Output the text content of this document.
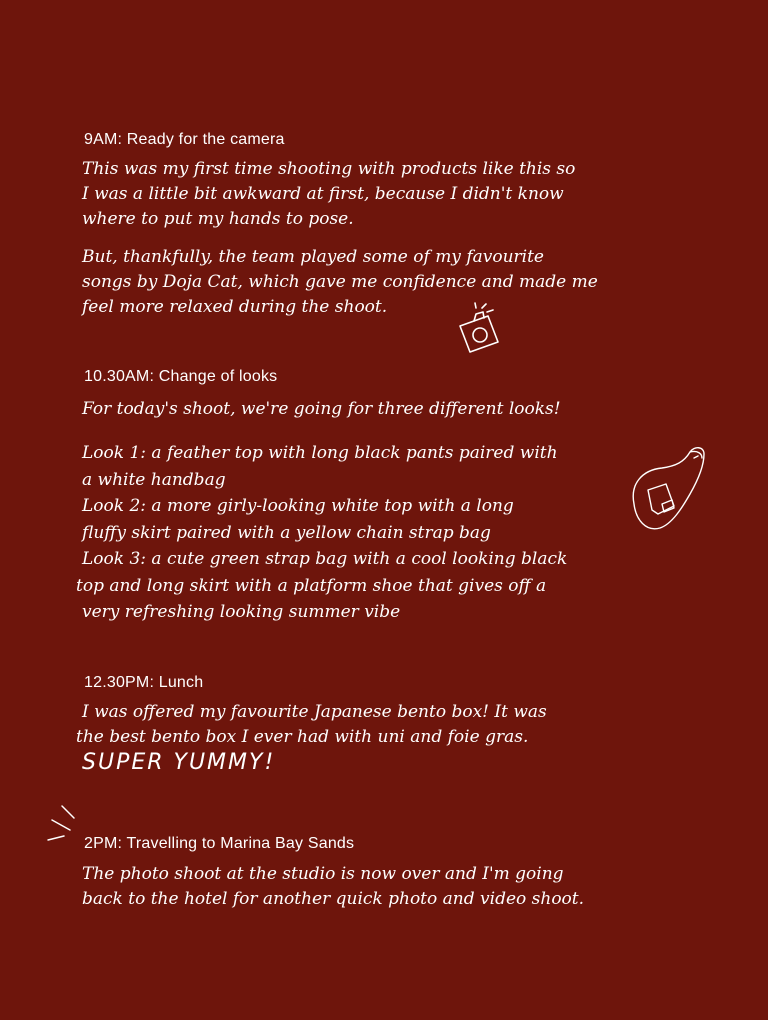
9AM: Ready for the camera
This was my first time shooting with products like this so
I was a little bit awkward at first, because I didn't know
where to put my hands to pose.
But, thankfully, the team played some of my favourite
songs by Doja Cat, which gave me confidence and made me
feel more relaxed during the shoot.
10.30AM: Change of looks
For today's shoot, we're going for three different looks!
Look 1: a feather top with long black pants paired with
a white handbag
Look 2: a more girly-looking white top with a long
fluffy skirt paired with a yellow chain strap bag
Look 3: a cute green strap bag with a cool looking black
top and long skirt with a platform shoe that gives off a
very refreshing looking summer vibe
12.30PM: Lunch
I was offered my favourite Japanese bento box! It was
the best bento box I ever had with uni and foie gras.
SUPER YUMMY!
2PM: Travelling to Marina Bay Sands
The photo shoot at the studio is now over and I'm going
back to the hotel for another quick photo and video shoot.
